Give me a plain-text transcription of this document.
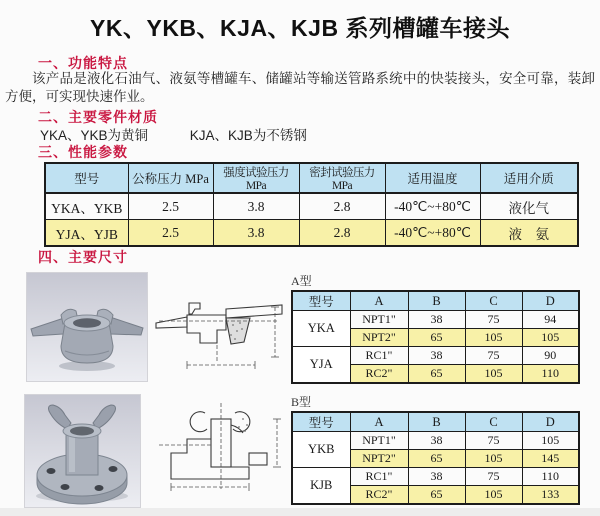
YK、YKB、KJA、KJB 系列槽罐车接头
一、功能特点

该产品是液化石油气、液氨等槽罐车、储罐站等输送管路系统中的快装接头，安全可靠，装卸方便，可实现快速作业。

二、主要零件材质
YKA、YKB为黄铜	KJA、KJB为不锈钢
三、性能参数
型号	公称压力 MPa	强度试验压力MPa	密封试验压力MPa	适用温度	适用介质
YKA、YKB	2.5	3.8	2.8	-40℃~+80℃	液化气
YJA、YJB	2.5	3.8	2.8	-40℃~+80℃	液　氨
四、主要尺寸
A型
型号	A	B	C	D
YKA	NPT1"	38	75	94
	NPT2"	65	105	105
YJA	RC1"	38	75	90
	RC2"	65	105	110
B型
型号	A	B	C	D
YKB	NPT1"	38	75	105
	NPT2"	65	105	145
KJB	RC1"	38	75	110
	RC2"	65	105	133
